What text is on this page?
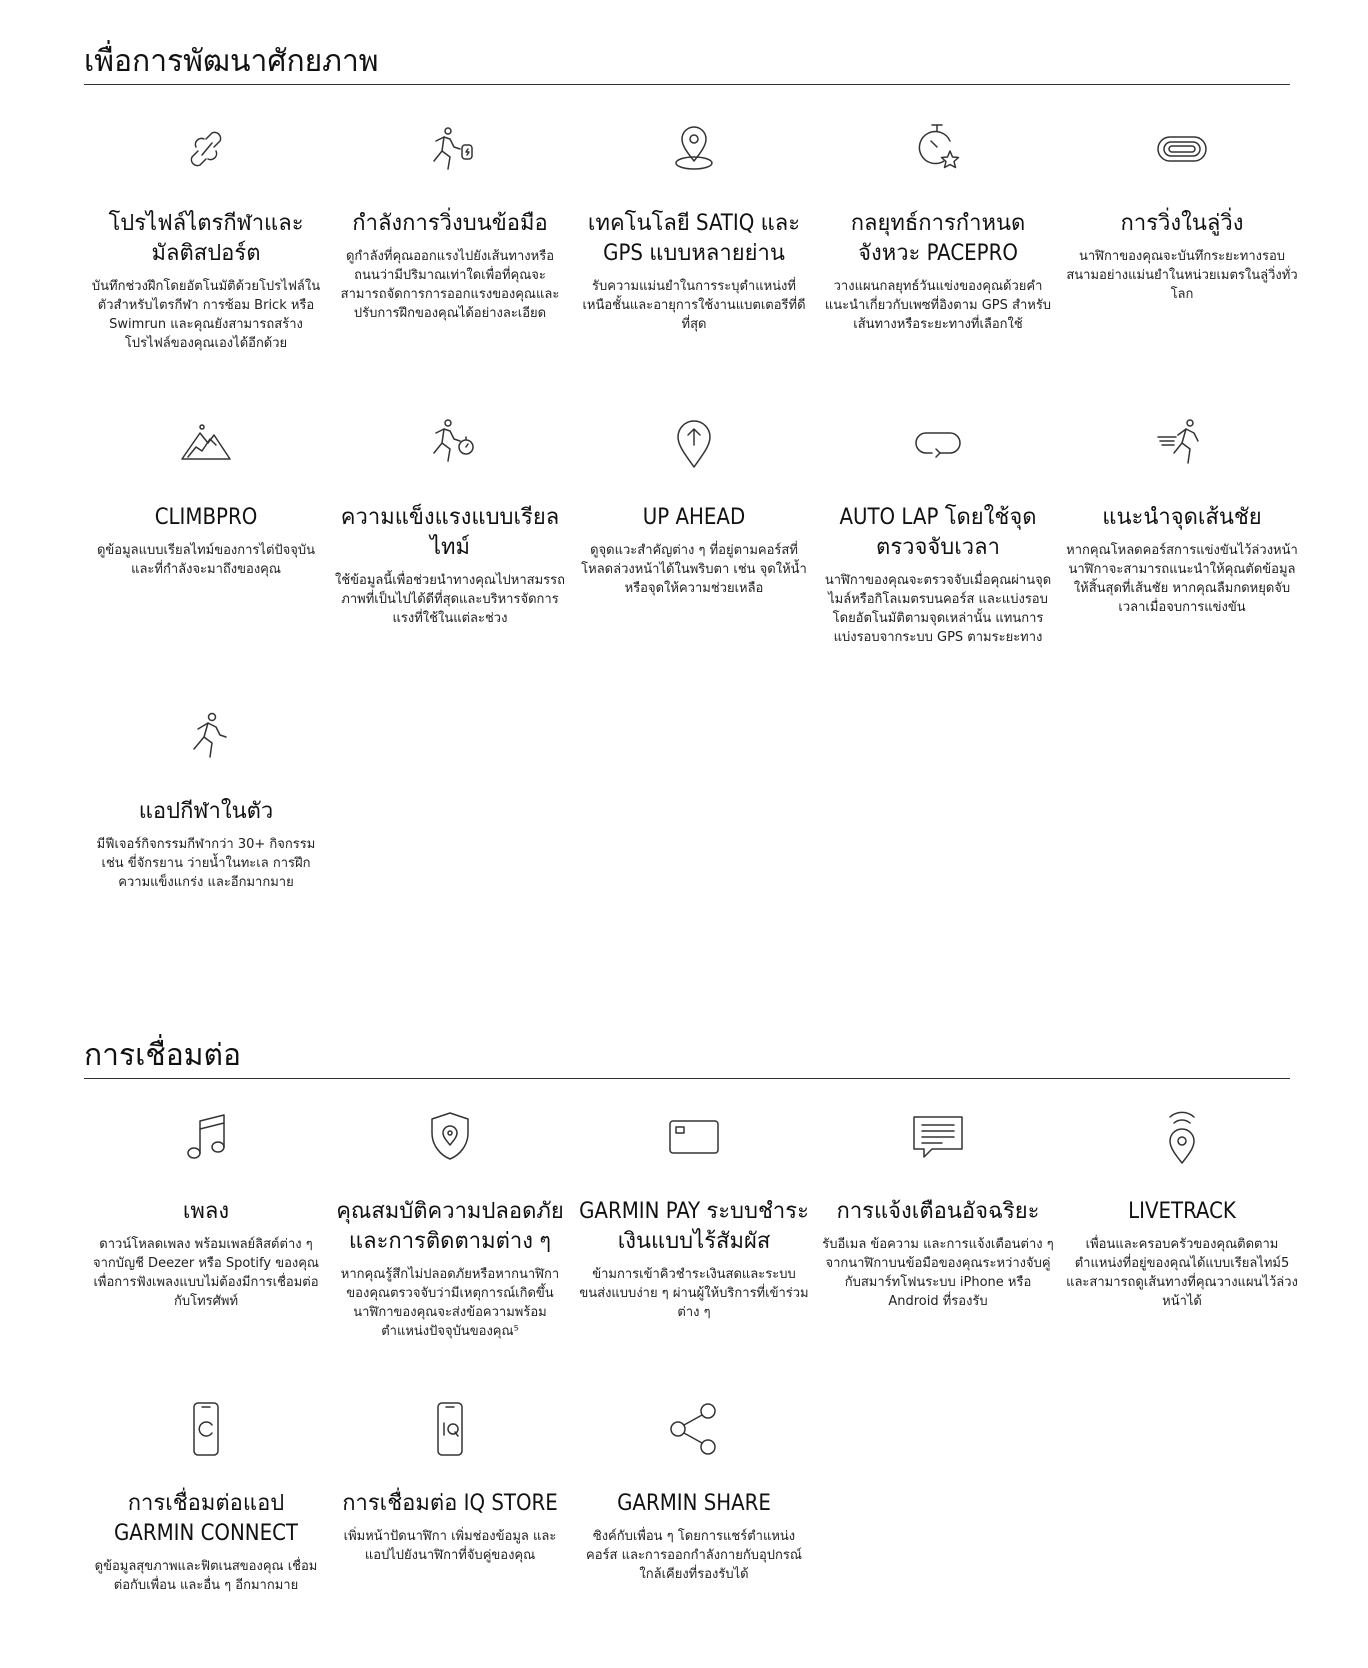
เพื่อการพัฒนาศักยภาพ
โปรไฟล์ไตรกีฬาและมัลติสปอร์ต

บันทึกช่วงฝึกโดยอัตโนมัติด้วยโปรไฟล์ในตัวสำหรับไตรกีฬา การซ้อม Brick หรือ Swimrun และคุณยังสามารถสร้างโปรไฟล์ของคุณเองได้อีกด้วย

กำลังการวิ่งบนข้อมือ

ดูกำลังที่คุณออกแรงไปยังเส้นทางหรือถนนว่ามีปริมาณเท่าใดเพื่อที่คุณจะสามารถจัดการการออกแรงของคุณและปรับการฝึกของคุณได้อย่างละเอียด

เทคโนโลยี SATIQ และ GPS แบบหลายย่าน

รับความแม่นยำในการระบุตำแหน่งที่เหนือชั้นและอายุการใช้งานแบตเตอรีที่ดีที่สุด

กลยุทธ์การกำหนดจังหวะ PACEPRO

วางแผนกลยุทธ์วันแข่งของคุณด้วยคำแนะนำเกี่ยวกับเพซที่อิงตาม GPS สำหรับเส้นทางหรือระยะทางที่เลือกใช้

การวิ่งในลู่วิ่ง

นาฬิกาของคุณจะบันทึกระยะทางรอบสนามอย่างแม่นยำในหน่วยเมตรในลู่วิ่งทั่วโลก

CLIMBPRO

ดูข้อมูลแบบเรียลไทม์ของการไต่ปัจจุบันและที่กำลังจะมาถึงของคุณ

ความแข็งแรงแบบเรียลไทม์

ใช้ข้อมูลนี้เพื่อช่วยนำทางคุณไปหาสมรรถภาพที่เป็นไปได้ดีที่สุดและบริหารจัดการแรงที่ใช้ในแต่ละช่วง

UP AHEAD

ดูจุดแวะสำคัญต่าง ๆ ที่อยู่ตามคอร์สที่โหลดล่วงหน้าได้ในพริบตา เช่น จุดให้น้ำ หรือจุดให้ความช่วยเหลือ

AUTO LAP โดยใช้จุดตรวจจับเวลา

นาฬิกาของคุณจะตรวจจับเมื่อคุณผ่านจุดไมล์หรือกิโลเมตรบนคอร์ส และแบ่งรอบโดยอัตโนมัติตามจุดเหล่านั้น แทนการแบ่งรอบจากระบบ GPS ตามระยะทาง

แนะนำจุดเส้นชัย

หากคุณโหลดคอร์สการแข่งขันไว้ล่วงหน้า นาฬิกาจะสามารถแนะนำให้คุณตัดข้อมูลให้สิ้นสุดที่เส้นชัย หากคุณลืมกดหยุดจับเวลาเมื่อจบการแข่งขัน

แอปกีฬาในตัว

มีฟีเจอร์กิจกรรมกีฬากว่า 30+ กิจกรรม เช่น ขี่จักรยาน ว่ายน้ำในทะเล การฝึกความแข็งแกร่ง และอีกมากมาย

การเชื่อมต่อ
เพลง

ดาวน์โหลดเพลง พร้อมเพลย์ลิสต์ต่าง ๆ จากบัญชี Deezer หรือ Spotify ของคุณ เพื่อการฟังเพลงแบบไม่ต้องมีการเชื่อมต่อกับโทรศัพท์

คุณสมบัติความปลอดภัยและการติดตามต่าง ๆ

หากคุณรู้สึกไม่ปลอดภัยหรือหากนาฬิกาของคุณตรวจจับว่ามีเหตุการณ์เกิดขึ้น นาฬิกาของคุณจะส่งข้อความพร้อมตำแหน่งปัจจุบันของคุณ⁵

GARMIN PAY ระบบชำระเงินแบบไร้สัมผัส

ข้ามการเข้าคิวชำระเงินสดและระบบขนส่งแบบง่าย ๆ ผ่านผู้ให้บริการที่เข้าร่วมต่าง ๆ

การแจ้งเตือนอัจฉริยะ

รับอีเมล ข้อความ และการแจ้งเตือนต่าง ๆ จากนาฬิกาบนข้อมือของคุณระหว่างจับคู่กับสมาร์ทโฟนระบบ iPhone หรือ Android ที่รองรับ

LIVETRACK

เพื่อนและครอบครัวของคุณติดตามตำแหน่งที่อยู่ของคุณได้แบบเรียลไทม์5 และสามารถดูเส้นทางที่คุณวางแผนไว้ล่วงหน้าได้

การเชื่อมต่อแอป GARMIN CONNECT

ดูข้อมูลสุขภาพและฟิตเนสของคุณ เชื่อมต่อกับเพื่อน และอื่น ๆ อีกมากมาย

การเชื่อมต่อ IQ STORE

เพิ่มหน้าปัดนาฬิกา เพิ่มช่องข้อมูล และแอปไปยังนาฬิกาที่จับคู่ของคุณ

GARMIN SHARE

ซิงค์กับเพื่อน ๆ โดยการแชร์ตำแหน่งคอร์ส และการออกกำลังกายกับอุปกรณ์ใกล้เคียงที่รองรับได้
